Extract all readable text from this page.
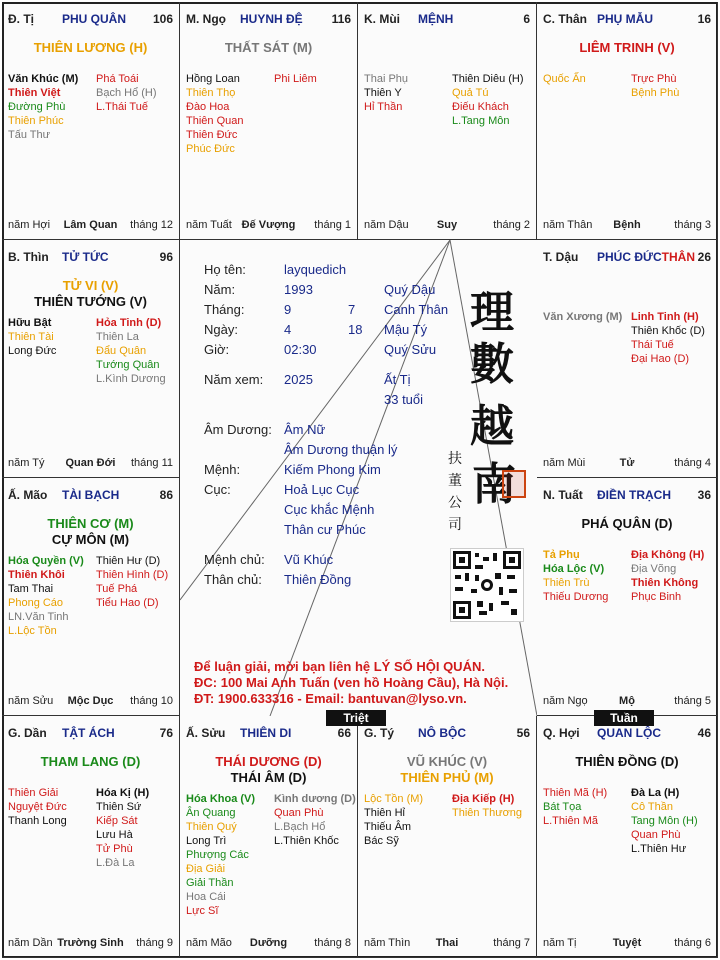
Đ. Tị PHU QUÂN 106
THIÊN LƯƠNG (H)
Văn Khúc (M)
Thiên Việt
Đường Phù
Thiên Phúc
Tấu Thư
Phá Toái
Bạch Hổ (H)
L.Thái Tuế
năm Hợi	Lâm Quan	tháng 12
M. Ngọ HUYNH ĐỆ 116
THẤT SÁT (M)
Hồng Loan
Thiên Thọ
Đào Hoa
Thiên Quan
Thiên Đức
Phúc Đức
Phi Liêm
năm Tuất Đế Vượng	tháng 1
K. Mùi MỆNH	6
Thai Phụ
Thiên Y
Hỉ Thần
Thiên Diêu (H)
Quả Tú
Điếu Khách
L.Tang Môn
năm Dậu	Suy	tháng 2
C. Thân PHỤ MẪU	16
LIÊM TRINH (V)
Quốc Ấn	Trực Phù
Bệnh Phù
năm Thân	Bệnh	tháng 3
B. Thìn TỬ TỨC	96
TỬ VI (V)
THIÊN TƯỚNG (V)
Hữu Bật
Thiên Tài
Long Đức
Hỏa Tinh (D)
Thiên La
Đẩu Quân
Tướng Quân
L.Kình Dương
năm Tý	Quan Đới	tháng 11
T. Dậu PHÚC ĐỨC THÂN 26
Văn Xương (M) Linh Tinh (H)
Thiên Khốc (D)
Thái Tuế
Đại Hao (D)
năm Mùi	Tử	tháng 4
Ấ. Mão TÀI BẠCH	86
THIÊN CƠ (M)
CỰ MÔN (M)
Hóa Quyền (V)
Thiên Khôi
Tam Thai
Phong Cáo
LN.Văn Tinh
L.Lộc Tồn
Thiên Hư (D)
Thiên Hình (D)
Tuế Phá
Tiểu Hao (D)
năm Sửu	Mộc Dục	tháng 10
N. Tuất ĐIỀN TRẠCH 36
PHÁ QUÂN (D)
Tả Phụ
Hóa Lộc (V)
Thiên Trù
Thiếu Dương
Địa Không (H)
Địa Võng
Thiên Không
Phục Binh
năm Ngọ	Mộ	tháng 5
G. Dần TẬT ÁCH	76
THAM LANG (D)
Thiên Giải
Nguyệt Đức
Thanh Long
Hóa Kị (H)
Thiên Sứ
Kiếp Sát
Lưu Hà
Tử Phù
L.Đà La
năm Dần Trường Sinh	tháng 9
Ấ. Sửu THIÊN DI	66
THÁI DƯƠNG (D)
THÁI ÂM (D)
Hóa Khoa (V)
Ân Quang
Thiên Quý
Long Trì
Phượng Các
Địa Giải
Giải Thần
Hoa Cái
Lực Sĩ
Kình dương (D)
Quan Phù
L.Bạch Hổ
L.Thiên Khốc
năm Mão	Dưỡng	tháng 8
G. Tý NÔ BỘC	56
VŨ KHÚC (V)
THIÊN PHỦ (M)
Lộc Tồn (M)
Thiên Hỉ
Thiếu Âm
Bác Sỹ
Địa Kiếp (H)
Thiên Thương
năm Thìn	Thai	tháng 7
Q. Hợi QUAN LỘC	46
THIÊN ĐỒNG (D)
Thiên Mã (H)
Bát Tọa
L.Thiên Mã
Đà La (H)
Cô Thần
Tang Môn (H)
Quan Phù
L.Thiên Hư
năm Tị	Tuyệt	tháng 6
Họ tên:	layquedich
Năm:	1993	Quý Dậu
Tháng:	9	7 Canh Thân
Ngày:	4	18 Mậu Tý
Giờ:	02:30	Quý Sửu
Năm xem: 2025	Ất Tị
33 tuổi
Âm Dương: Âm Nữ
Âm Dương thuận lý
Mệnh:	Kiếm Phong Kim
Cục:	Hoả Lục Cục
Cục khắc Mệnh
Thân cư Phúc
Mệnh chủ: Vũ Khúc
Thân chủ: Thiên Đồng
理
數
越
南
扶
董
公
司
Để luận giải, mời bạn liên hệ LÝ SỐ HỘI QUÁN.
ĐC: 100 Mai Anh Tuấn (ven hồ Hoàng Cầu), Hà Nội.
ĐT: 1900.633316 - Email: bantuvan@lyso.vn.
Triệt	Tuần
